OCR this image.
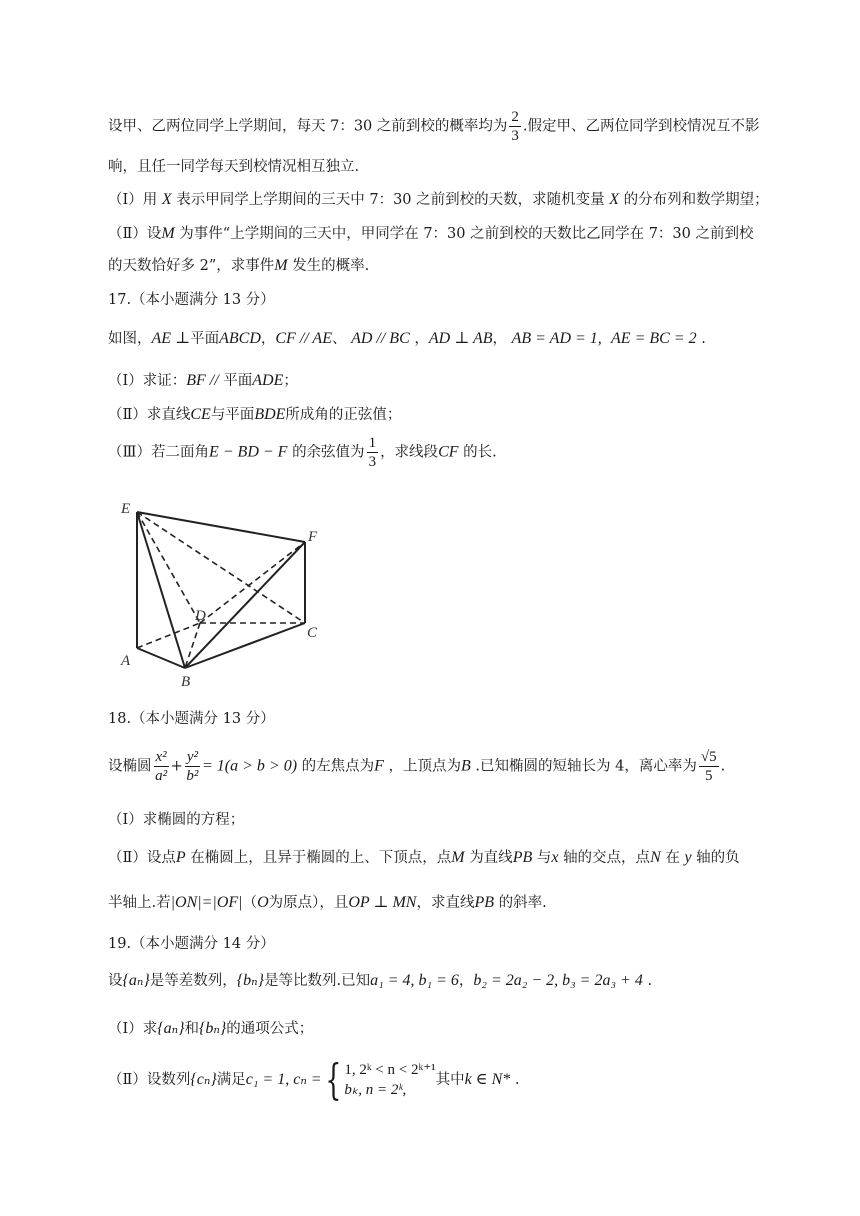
设甲、乙两位同学上学期间，每天 7：30 之前到校的概率均为 $\frac{2}{3}$ .假定甲、乙两位同学到校情况互不影
响，且任一同学每天到校情况相互独立.
（Ⅰ）用 X 表示甲同学上学期间的三天中 7：30 之前到校的天数，求随机变量 X 的分布列和数学期望；
（Ⅱ）设M 为事件“上学期间的三天中，甲同学在 7：30 之前到校的天数比乙同学在 7：30 之前到校
的天数恰好多 2”，求事件M 发生的概率.
17.（本小题满分 13 分）
如图，AE ⊥平面ABCD，CF // AE、 AD // BC ，AD ⊥ AB， AB = AD = 1, AE = BC = 2 .
（Ⅰ）求证：BF // 平面ADE；
（Ⅱ）求直线CE与平面BDE所成角的正弦值；
（Ⅲ）若二面角E − BD − F 的余弦值为 $\frac{1}{3}$ ，求线段CF 的长.
E
F
D
C
A
B
18.（本小题满分 13 分）
设椭圆 $\frac{\text{x²}}{\text{a²}} + \frac{\text{y²}}{\text{b²}} = 1(a > b > 0)$ 的左焦点为F ，上顶点为B .已知椭圆的短轴长为 4，离心率为 $\frac{√5}{5}$ .
（Ⅰ）求椭圆的方程；
（Ⅱ）设点P 在椭圆上，且异于椭圆的上、下顶点，点M 为直线PB 与x 轴的交点，点N 在 y 轴的负
半轴上.若|ON|=|OF|（O为原点），且OP ⊥ MN，求直线PB 的斜率.
19.（本小题满分 14 分）
设{aₙ}是等差数列，{bₙ}是等比数列.已知a₁ = 4, b₁ = 6，b₂ = 2a₂ − 2, b₃ = 2a₃ + 4 .
（Ⅰ）求{aₙ}和{bₙ}的通项公式；
（Ⅱ）设数列{cₙ}满足c₁ = 1, cₙ ={ 1, 2ᵏ < n < 2ᵏ⁺¹
bₖ, n = 2ᵏ,
其中k ∈ N* .
